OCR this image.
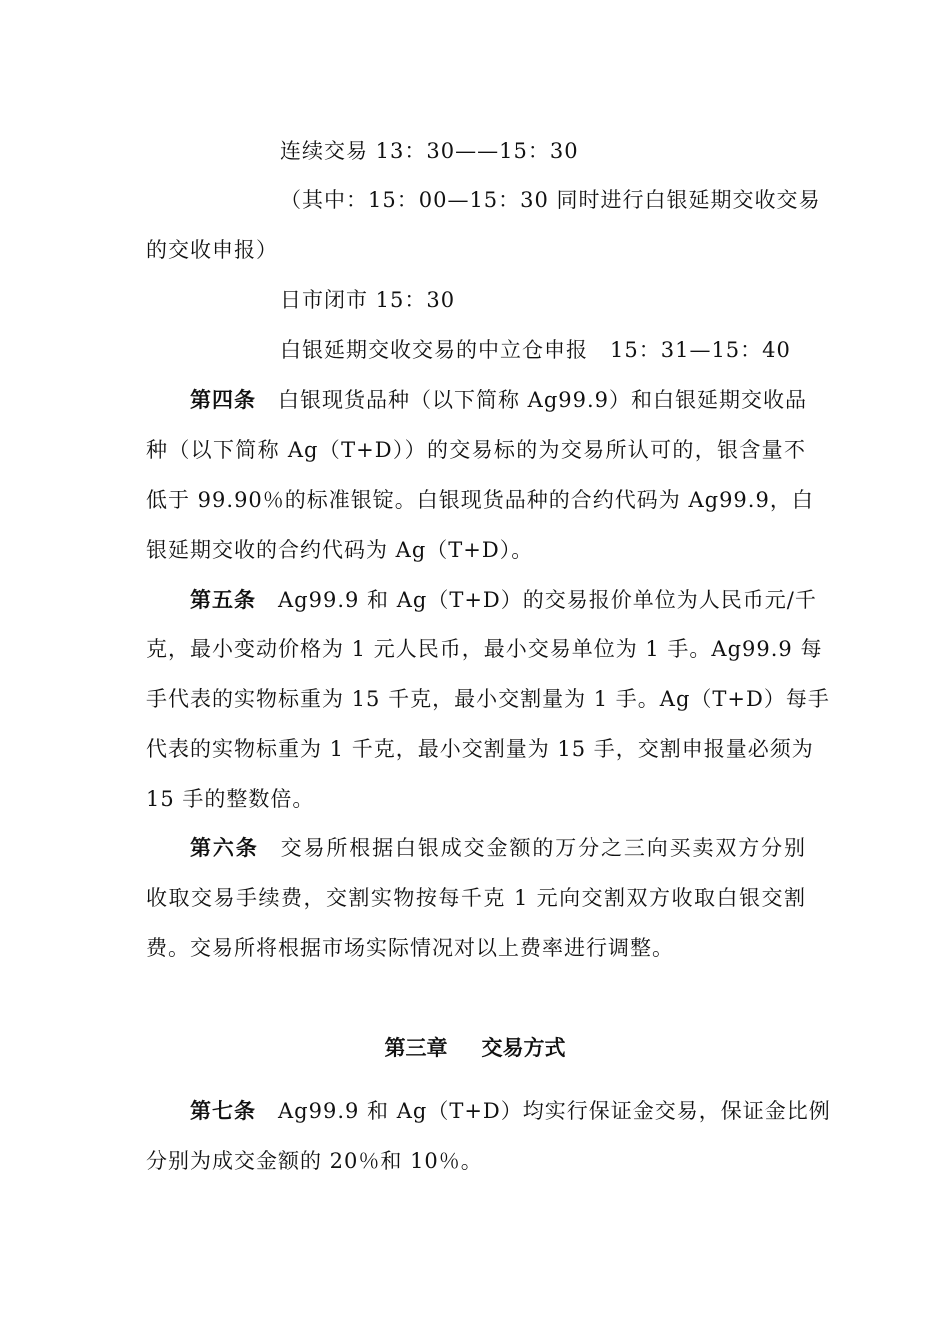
连续交易 13：30——15：30
（其中：15：00—15：30 同时进行白银延期交收交易
的交收申报）
日市闭市 15：30
白银延期交收交易的中立仓申报　15：31—15：40
第四条 白银现货品种（以下简称 Ag99.9）和白银延期交收品
种（以下简称 Ag（T+D））的交易标的为交易所认可的，银含量不
低于 99.90％的标准银锭。白银现货品种的合约代码为 Ag99.9，白
银延期交收的合约代码为 Ag（T+D）。
第五条 Ag99.9 和 Ag（T+D）的交易报价单位为人民币元/千
克，最小变动价格为 1 元人民币，最小交易单位为 1 手。Ag99.9 每
手代表的实物标重为 15 千克，最小交割量为 1 手。Ag（T+D）每手
代表的实物标重为 1 千克，最小交割量为 15 手，交割申报量必须为
15 手的整数倍。
第六条 交易所根据白银成交金额的万分之三向买卖双方分别
收取交易手续费，交割实物按每千克 1 元向交割双方收取白银交割
费。交易所将根据市场实际情况对以上费率进行调整。
第三章 交易方式
第七条 Ag99.9 和 Ag（T+D）均实行保证金交易，保证金比例
分别为成交金额的 20％和 10％。
